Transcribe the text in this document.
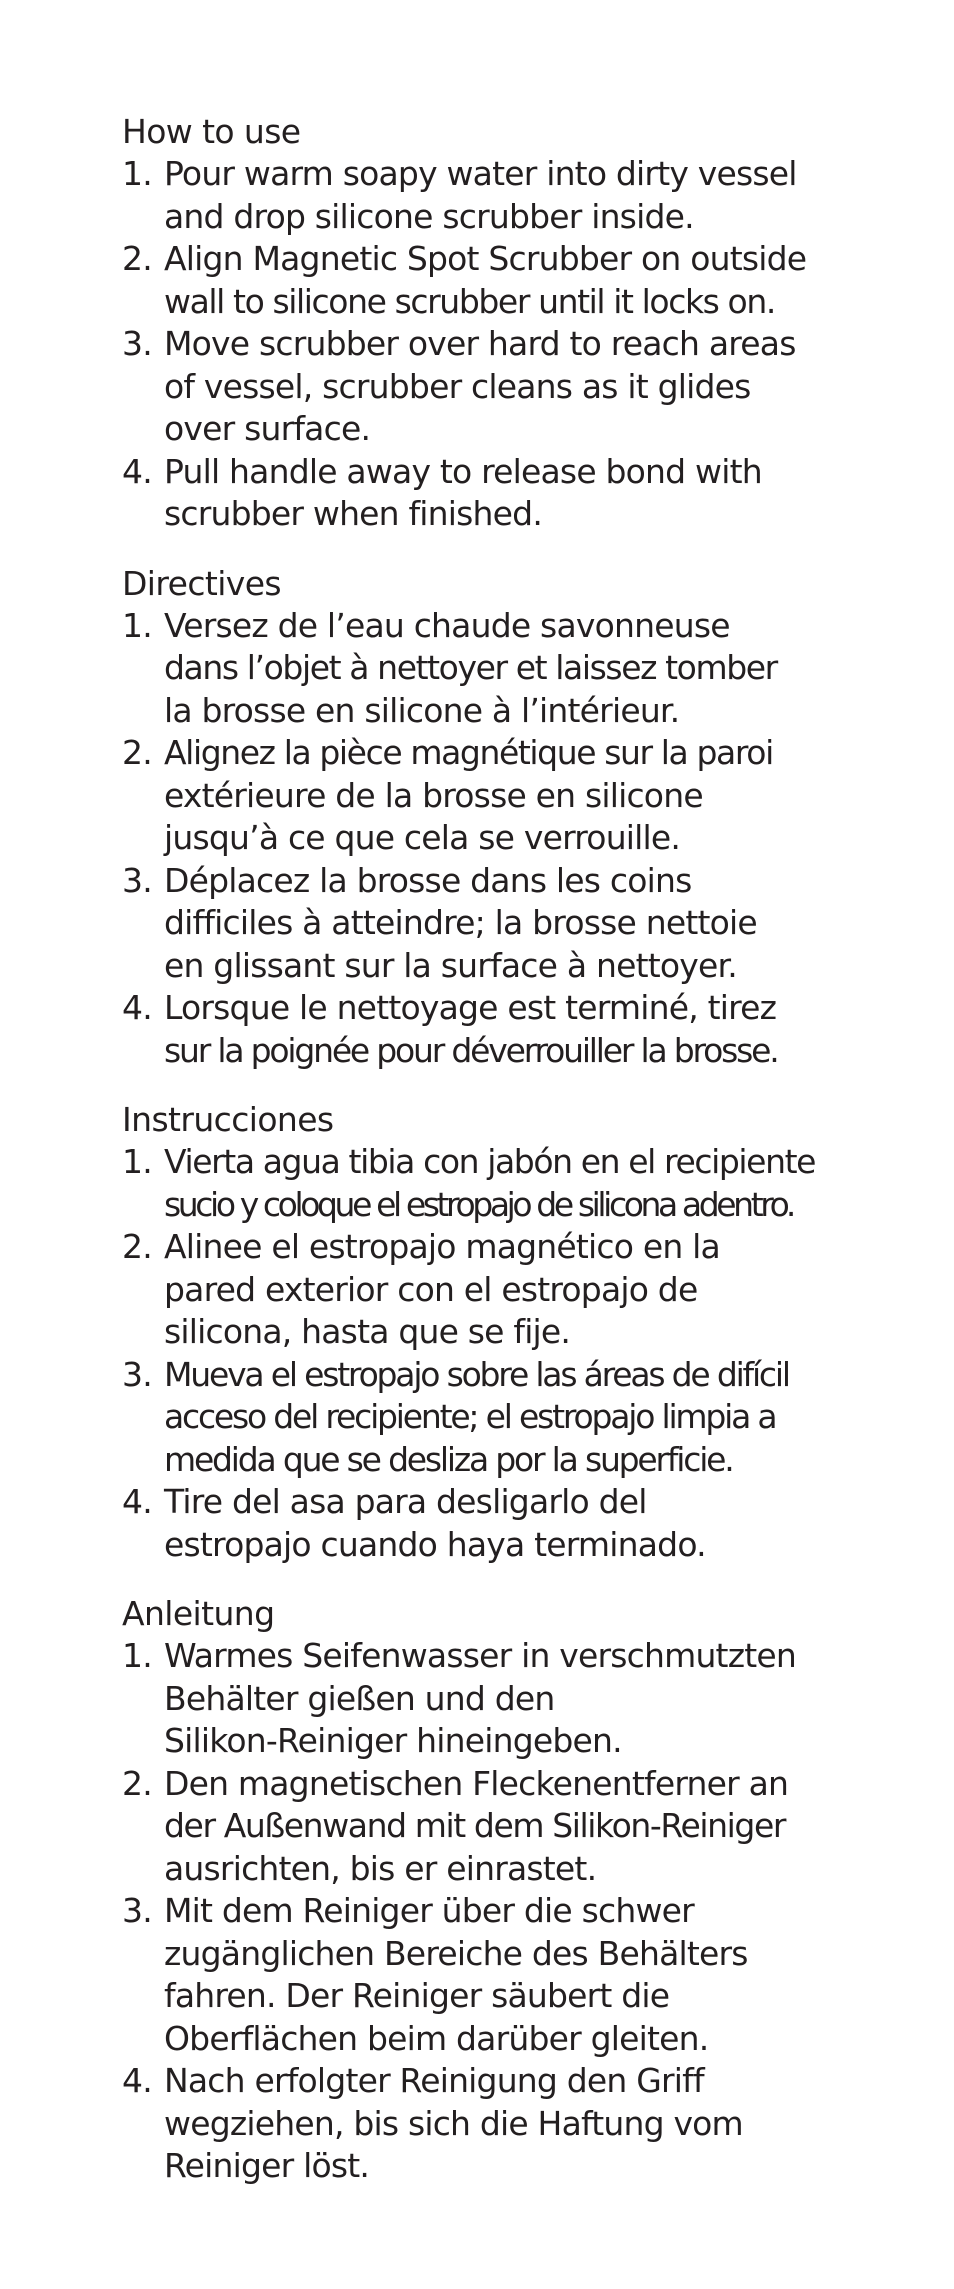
How to use
1. Pour warm soapy water into dirty vessel
and drop silicone scrubber inside.
2. Align Magnetic Spot Scrubber on outside
wall to silicone scrubber until it locks on.
3. Move scrubber over hard to reach areas
of vessel, scrubber cleans as it glides
over surface.
4. Pull handle away to release bond with
scrubber when finished.
Directives
1. Versez de l’eau chaude savonneuse
dans l’objet à nettoyer et laissez tomber
la brosse en silicone à l’intérieur.
2. Alignez la pièce magnétique sur la paroi
extérieure de la brosse en silicone
jusqu’à ce que cela se verrouille.
3. Déplacez la brosse dans les coins
difficiles à atteindre; la brosse nettoie
en glissant sur la surface à nettoyer.
4. Lorsque le nettoyage est terminé, tirez
sur la poignée pour déverrouiller la brosse.
Instrucciones
1. Vierta agua tibia con jabón en el recipiente
sucio y coloque el estropajo de silicona adentro.
2. Alinee el estropajo magnético en la
pared exterior con el estropajo de
silicona, hasta que se fije.
3. Mueva el estropajo sobre las áreas de difícil
acceso del recipiente; el estropajo limpia a
medida que se desliza por la superficie.
4. Tire del asa para desligarlo del
estropajo cuando haya terminado.
Anleitung
1. Warmes Seifenwasser in verschmutzten
Behälter gießen und den
Silikon-Reiniger hineingeben.
2. Den magnetischen Fleckenentferner an
der Außenwand mit dem Silikon-Reiniger
ausrichten, bis er einrastet.
3. Mit dem Reiniger über die schwer
zugänglichen Bereiche des Behälters
fahren. Der Reiniger säubert die
Oberflächen beim darüber gleiten.
4. Nach erfolgter Reinigung den Griff
wegziehen, bis sich die Haftung vom
Reiniger löst.
